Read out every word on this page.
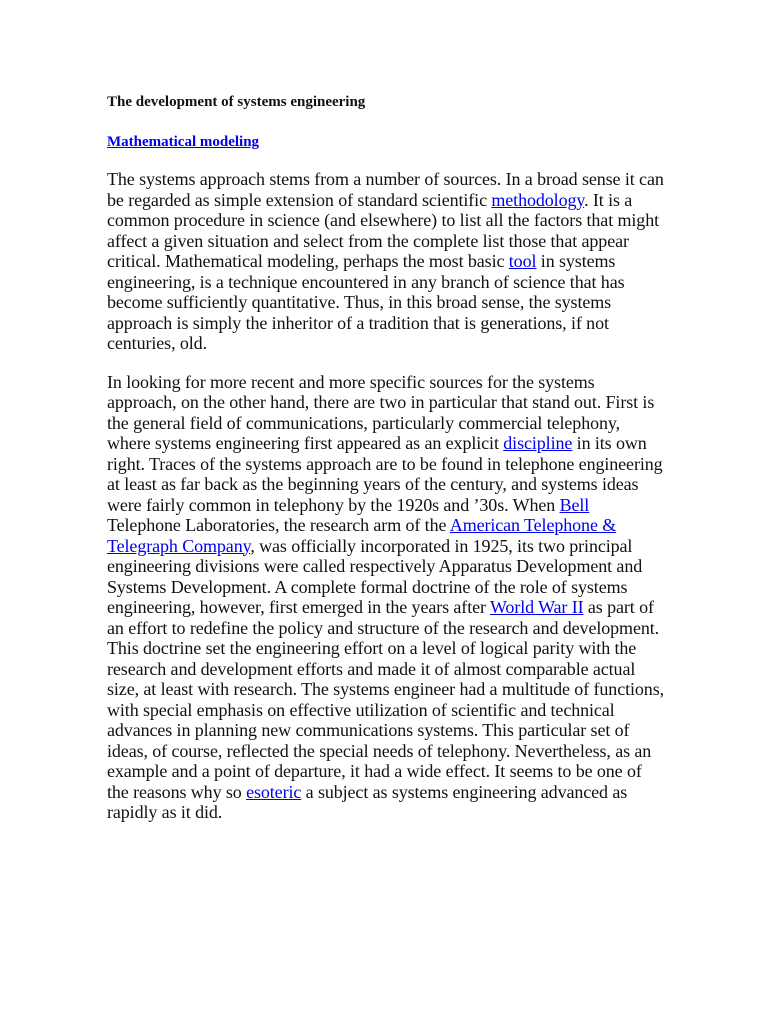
The development of systems engineering

Mathematical modeling

The systems approach stems from a number of sources. In a broad sense it can be regarded as simple extension of standard scientific methodology. It is a common procedure in science (and elsewhere) to list all the factors that might affect a given situation and select from the complete list those that appear critical. Mathematical modeling, perhaps the most basic tool in systems engineering, is a technique encountered in any branch of science that has become sufficiently quantitative. Thus, in this broad sense, the systems approach is simply the inheritor of a tradition that is generations, if not centuries, old.

In looking for more recent and more specific sources for the systems approach, on the other hand, there are two in particular that stand out. First is the general field of communications, particularly commercial telephony, where systems engineering first appeared as an explicit discipline in its own right. Traces of the systems approach are to be found in telephone engineering at least as far back as the beginning years of the century, and systems ideas were fairly common in telephony by the 1920s and ’30s. When Bell Telephone Laboratories, the research arm of the American Telephone & Telegraph Company, was officially incorporated in 1925, its two principal engineering divisions were called respectively Apparatus Development and Systems Development. A complete formal doctrine of the role of systems engineering, however, first emerged in the years after World War II as part of an effort to redefine the policy and structure of the research and development. This doctrine set the engineering effort on a level of logical parity with the research and development efforts and made it of almost comparable actual size, at least with research. The systems engineer had a multitude of functions, with special emphasis on effective utilization of scientific and technical advances in planning new communications systems. This particular set of ideas, of course, reflected the special needs of telephony. Nevertheless, as an example and a point of departure, it had a wide effect. It seems to be one of the reasons why so esoteric a subject as systems engineering advanced as rapidly as it did.
